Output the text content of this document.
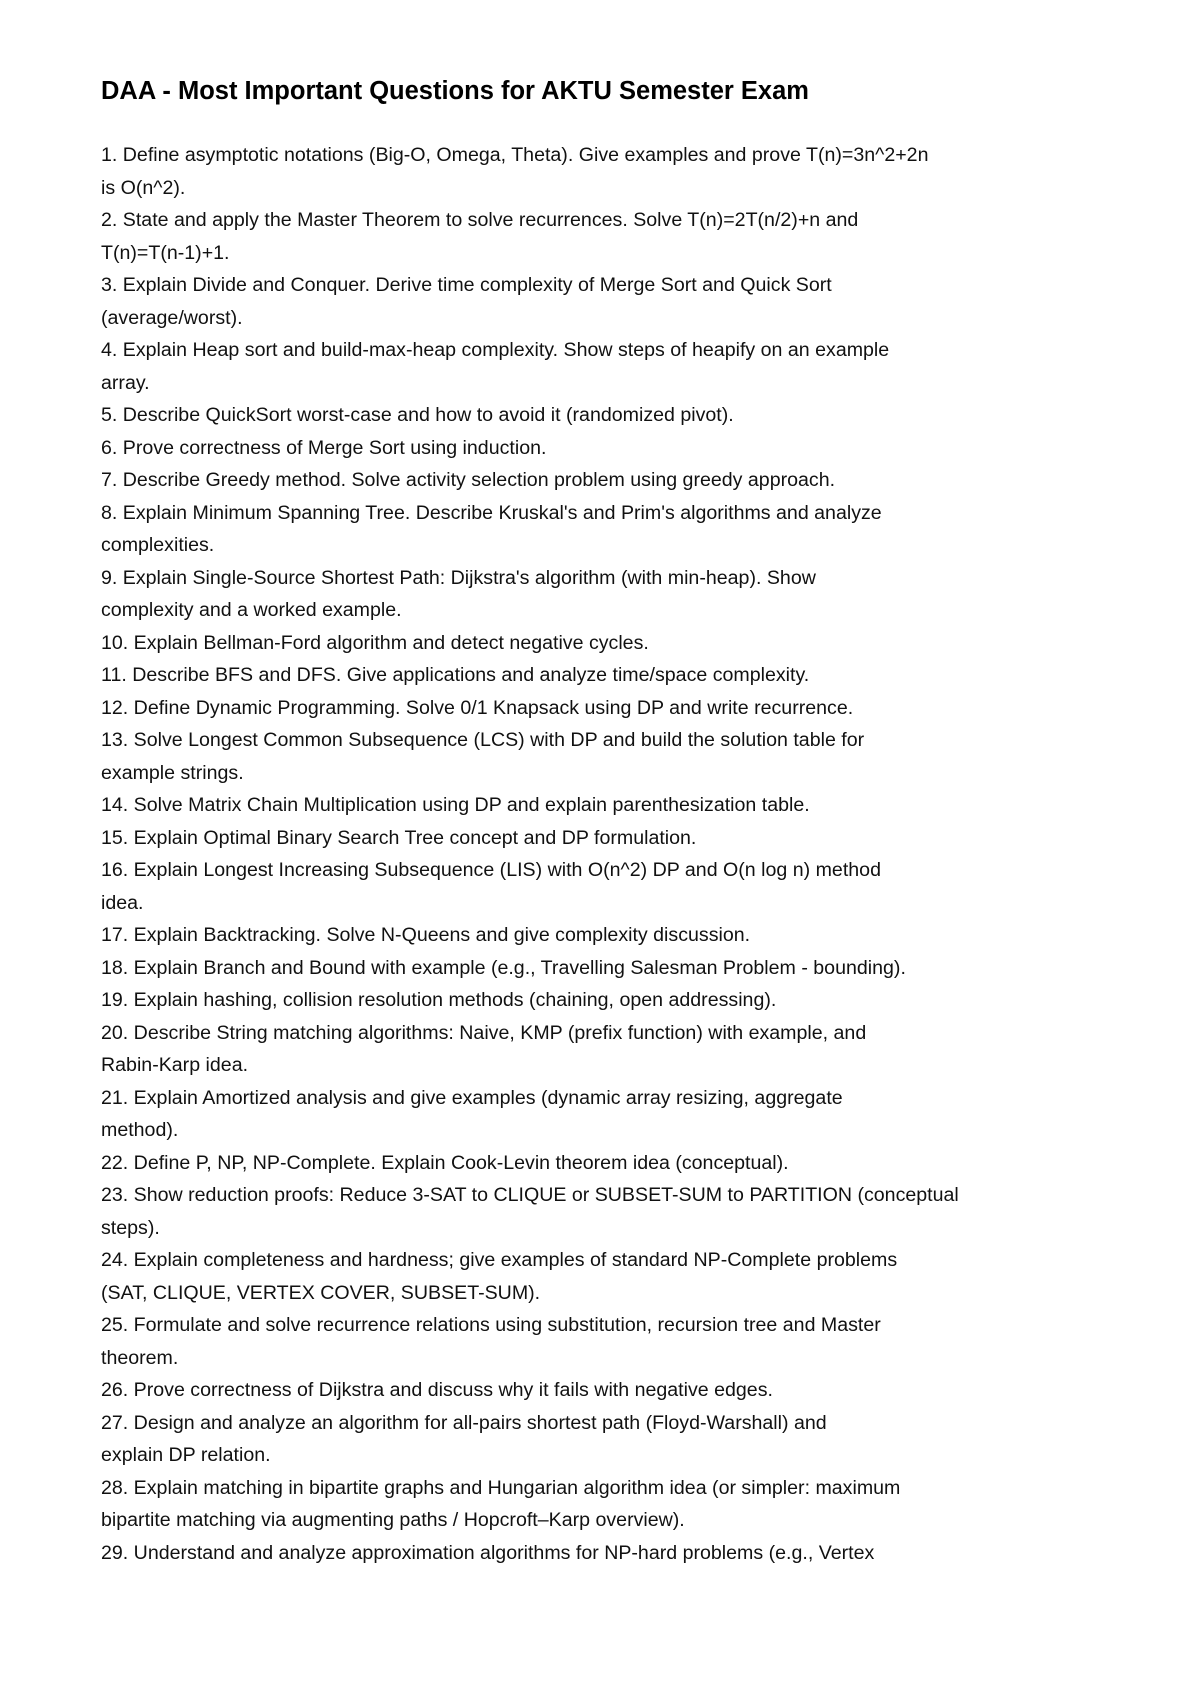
DAA - Most Important Questions for AKTU Semester Exam
1. Define asymptotic notations (Big-O, Omega, Theta). Give examples and prove T(n)=3n^2+2n
is O(n^2).
2. State and apply the Master Theorem to solve recurrences. Solve T(n)=2T(n/2)+n and
T(n)=T(n-1)+1.
3. Explain Divide and Conquer. Derive time complexity of Merge Sort and Quick Sort
(average/worst).
4. Explain Heap sort and build-max-heap complexity. Show steps of heapify on an example
array.
5. Describe QuickSort worst-case and how to avoid it (randomized pivot).
6. Prove correctness of Merge Sort using induction.
7. Describe Greedy method. Solve activity selection problem using greedy approach.
8. Explain Minimum Spanning Tree. Describe Kruskal's and Prim's algorithms and analyze
complexities.
9. Explain Single-Source Shortest Path: Dijkstra's algorithm (with min-heap). Show
complexity and a worked example.
10. Explain Bellman-Ford algorithm and detect negative cycles.
11. Describe BFS and DFS. Give applications and analyze time/space complexity.
12. Define Dynamic Programming. Solve 0/1 Knapsack using DP and write recurrence.
13. Solve Longest Common Subsequence (LCS) with DP and build the solution table for
example strings.
14. Solve Matrix Chain Multiplication using DP and explain parenthesization table.
15. Explain Optimal Binary Search Tree concept and DP formulation.
16. Explain Longest Increasing Subsequence (LIS) with O(n^2) DP and O(n log n) method
idea.
17. Explain Backtracking. Solve N-Queens and give complexity discussion.
18. Explain Branch and Bound with example (e.g., Travelling Salesman Problem - bounding).
19. Explain hashing, collision resolution methods (chaining, open addressing).
20. Describe String matching algorithms: Naive, KMP (prefix function) with example, and
Rabin-Karp idea.
21. Explain Amortized analysis and give examples (dynamic array resizing, aggregate
method).
22. Define P, NP, NP-Complete. Explain Cook-Levin theorem idea (conceptual).
23. Show reduction proofs: Reduce 3-SAT to CLIQUE or SUBSET-SUM to PARTITION (conceptual
steps).
24. Explain completeness and hardness; give examples of standard NP-Complete problems
(SAT, CLIQUE, VERTEX COVER, SUBSET-SUM).
25. Formulate and solve recurrence relations using substitution, recursion tree and Master
theorem.
26. Prove correctness of Dijkstra and discuss why it fails with negative edges.
27. Design and analyze an algorithm for all-pairs shortest path (Floyd-Warshall) and
explain DP relation.
28. Explain matching in bipartite graphs and Hungarian algorithm idea (or simpler: maximum
bipartite matching via augmenting paths / Hopcroft–Karp overview).
29. Understand and analyze approximation algorithms for NP-hard problems (e.g., Vertex
